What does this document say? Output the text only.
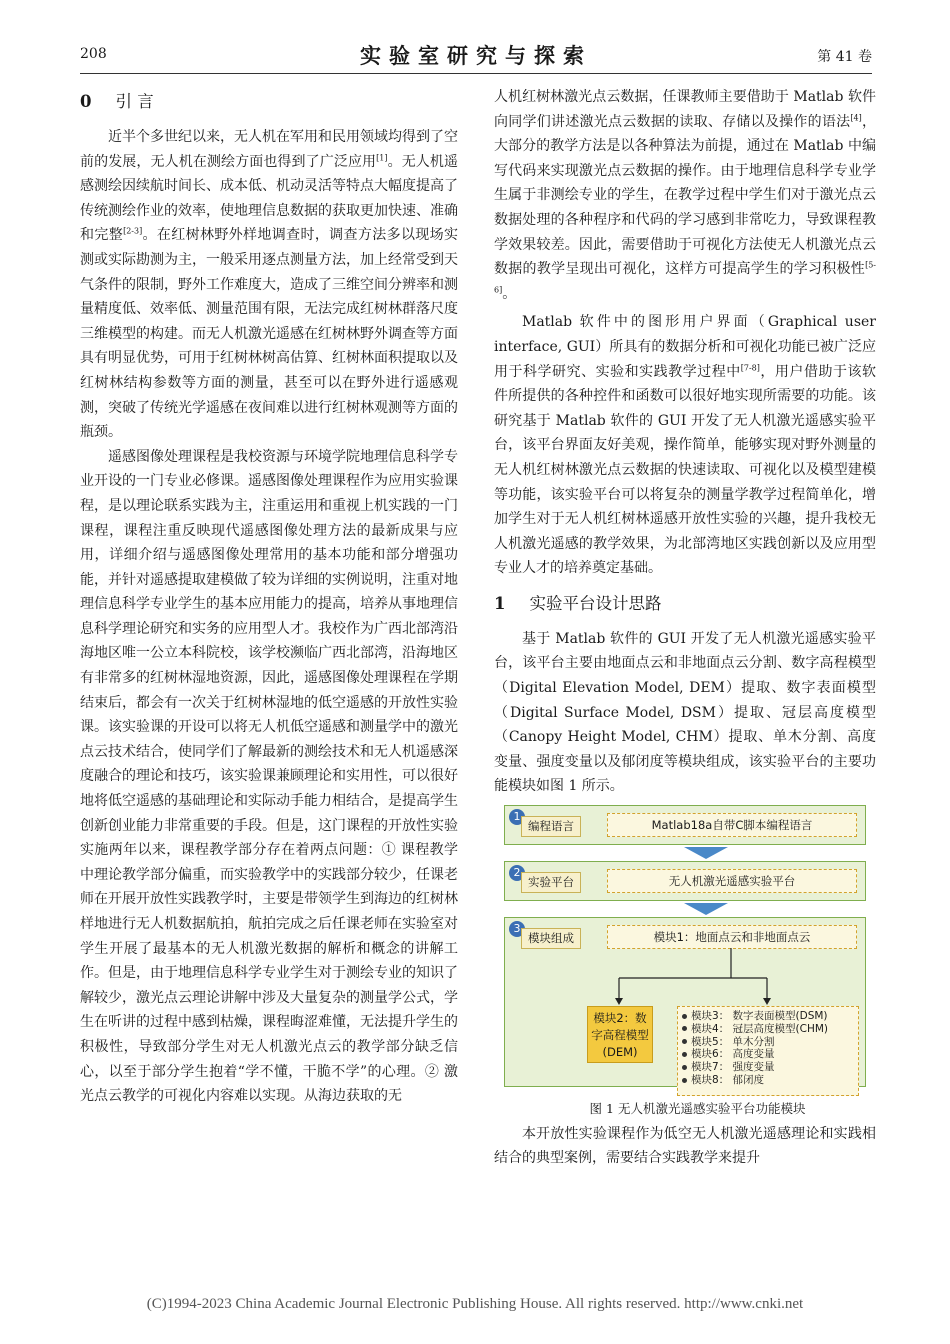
208	实验室研究与探索	第 41 卷
0 引 言

近半个多世纪以来，无人机在军用和民用领域均得到了空前的发展，无人机在测绘方面也得到了广泛应用[1]。无人机遥感测绘因续航时间长、成本低、机动灵活等特点大幅度提高了传统测绘作业的效率，使地理信息数据的获取更加快速、准确和完整[2-3]。在红树林野外样地调查时，调查方法多以现场实测或实际勘测为主，一般采用逐点测量方法，加上经常受到天气条件的限制，野外工作难度大，造成了三维空间分辨率和测量精度低、效率低、测量范围有限，无法完成红树林群落尺度三维模型的构建。而无人机激光遥感在红树林野外调查等方面具有明显优势，可用于红树林树高估算、红树林面积提取以及红树林结构参数等方面的测量，甚至可以在野外进行遥感观测，突破了传统光学遥感在夜间难以进行红树林观测等方面的瓶颈。

遥感图像处理课程是我校资源与环境学院地理信息科学专业开设的一门专业必修课。遥感图像处理课程作为应用实验课程，是以理论联系实践为主，注重运用和重视上机实践的一门课程，课程注重反映现代遥感图像处理方法的最新成果与应用，详细介绍与遥感图像处理常用的基本功能和部分增强功能，并针对遥感提取建模做了较为详细的实例说明，注重对地理信息科学专业学生的基本应用能力的提高，培养从事地理信息科学理论研究和实务的应用型人才。我校作为广西北部湾沿海地区唯一公立本科院校，该学校濒临广西北部湾，沿海地区有非常多的红树林湿地资源，因此，遥感图像处理课程在学期结束后，都会有一次关于红树林湿地的低空遥感的开放性实验课。该实验课的开设可以将无人机低空遥感和测量学中的激光点云技术结合，使同学们了解最新的测绘技术和无人机遥感深度融合的理论和技巧，该实验课兼顾理论和实用性，可以很好地将低空遥感的基础理论和实际动手能力相结合，是提高学生创新创业能力非常重要的手段。但是，这门课程的开放性实验实施两年以来，课程教学部分存在着两点问题：① 课程教学中理论教学部分偏重，而实验教学中的实践部分较少，任课老师在开展开放性实践教学时，主要是带领学生到海边的红树林样地进行无人机数据航拍，航拍完成之后任课老师在实验室对学生开展了最基本的无人机激光数据的解析和概念的讲解工作。但是，由于地理信息科学专业学生对于测绘专业的知识了解较少，激光点云理论讲解中涉及大量复杂的测量学公式，学生在听讲的过程中感到枯燥，课程晦涩难懂，无法提升学生的积极性，导致部分学生对无人机激光点云的教学部分缺乏信心，以至于部分学生抱着“学不懂，干脆不学”的心理。② 激光点云教学的可视化内容难以实现。从海边获取的无

人机红树林激光点云数据，任课教师主要借助于 Matlab 软件向同学们讲述激光点云数据的读取、存储以及操作的语法[4]，大部分的教学方法是以各种算法为前提，通过在 Matlab 中编写代码来实现激光点云数据的操作。由于地理信息科学专业学生属于非测绘专业的学生，在教学过程中学生们对于激光点云数据处理的各种程序和代码的学习感到非常吃力，导致课程教学效果较差。因此，需要借助于可视化方法使无人机激光点云数据的教学呈现出可视化，这样方可提高学生的学习积极性[5-6]。

Matlab 软件中的图形用户界面（Graphical user interface, GUI）所具有的数据分析和可视化功能已被广泛应用于科学研究、实验和实践教学过程中[7-8]，用户借助于该软件所提供的各种控件和函数可以很好地实现所需要的功能。该研究基于 Matlab 软件的 GUI 开发了无人机激光遥感实验平台，该平台界面友好美观，操作简单，能够实现对野外测量的无人机红树林激光点云数据的快速读取、可视化以及模型建模等功能，该实验平台可以将复杂的测量学教学过程简单化，增加学生对于无人机红树林遥感开放性实验的兴趣，提升我校无人机激光遥感的教学效果，为北部湾地区实践创新以及应用型专业人才的培养奠定基础。

1 实验平台设计思路

基于 Matlab 软件的 GUI 开发了无人机激光遥感实验平台，该平台主要由地面点云和非地面点云分割、数字高程模型（Digital Elevation Model, DEM）提取、数字表面模型（Digital Surface Model, DSM）提取、冠层高度模型（Canopy Height Model, CHM）提取、单木分割、高度变量、强度变量以及郁闭度等模块组成，该实验平台的主要功能模块如图 1 所示。

1
编程语言	Matlab18a自带C脚本编程语言
2
实验平台	无人机激光遥感实验平台
3
模块组成	模块1：地面点云和非地面点云
模块2：数字高程模型(DEM)
模块3： 数字表面模型(DSM)
模块4： 冠层高度模型(CHM)
模块5： 单木分割
模块6： 高度变量
模块7： 强度变量
模块8： 郁闭度

图 1 无人机激光遥感实验平台功能模块

本开放性实验课程作为低空无人机激光遥感理论和实践相结合的典型案例，需要结合实践教学来提升

(C)1994-2023 China Academic Journal Electronic Publishing House. All rights reserved. http://www.cnki.net
